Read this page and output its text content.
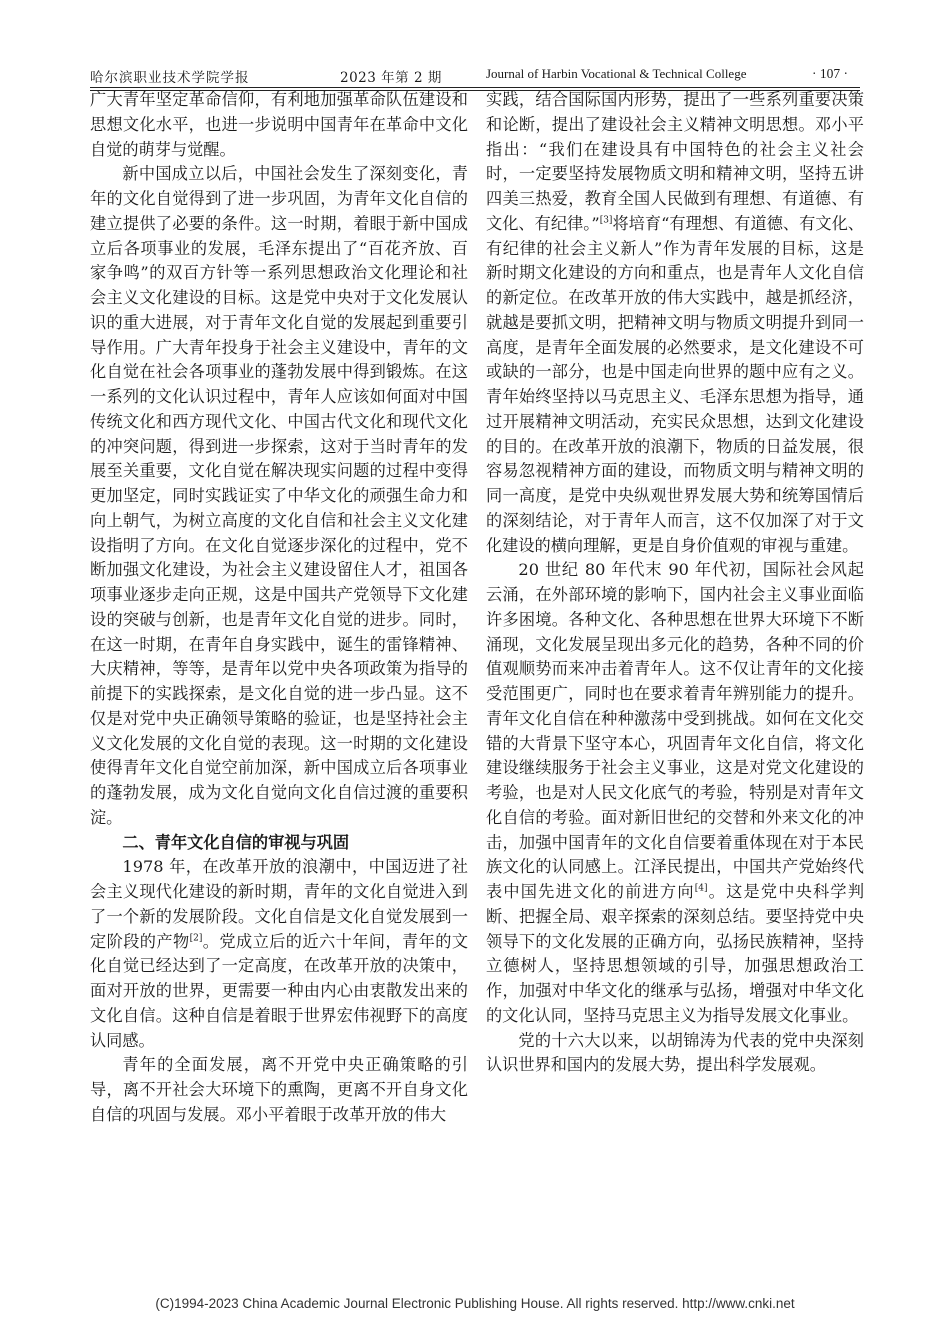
哈尔滨职业技术学院学报	2023 年第 2 期	Journal of Harbin Vocational & Technical College	· 107 ·

广大青年坚定革命信仰，有利地加强革命队伍建设和思想文化水平，也进一步说明中国青年在革命中文化自觉的萌芽与觉醒。

新中国成立以后，中国社会发生了深刻变化，青年的文化自觉得到了进一步巩固，为青年文化自信的建立提供了必要的条件。这一时期，着眼于新中国成立后各项事业的发展，毛泽东提出了“百花齐放、百家争鸣”的双百方针等一系列思想政治文化理论和社会主义文化建设的目标。这是党中央对于文化发展认识的重大进展，对于青年文化自觉的发展起到重要引导作用。广大青年投身于社会主义建设中，青年的文化自觉在社会各项事业的蓬勃发展中得到锻炼。在这一系列的文化认识过程中，青年人应该如何面对中国传统文化和西方现代文化、中国古代文化和现代文化的冲突问题，得到进一步探索，这对于当时青年的发展至关重要，文化自觉在解决现实问题的过程中变得更加坚定，同时实践证实了中华文化的顽强生命力和向上朝气，为树立高度的文化自信和社会主义文化建设指明了方向。在文化自觉逐步深化的过程中，党不断加强文化建设，为社会主义建设留住人才，祖国各项事业逐步走向正规，这是中国共产党领导下文化建设的突破与创新，也是青年文化自觉的进步。同时，在这一时期，在青年自身实践中，诞生的雷锋精神、大庆精神，等等，是青年以党中央各项政策为指导的前提下的实践探索，是文化自觉的进一步凸显。这不仅是对党中央正确领导策略的验证，也是坚持社会主义文化发展的文化自觉的表现。这一时期的文化建设使得青年文化自觉空前加深，新中国成立后各项事业的蓬勃发展，成为文化自觉向文化自信过渡的重要积淀。

二、青年文化自信的审视与巩固

1978 年，在改革开放的浪潮中，中国迈进了社会主义现代化建设的新时期，青年的文化自觉进入到了一个新的发展阶段。文化自信是文化自觉发展到一定阶段的产物[2]。党成立后的近六十年间，青年的文化自觉已经达到了一定高度，在改革开放的决策中，面对开放的世界，更需要一种由内心由衷散发出来的文化自信。这种自信是着眼于世界宏伟视野下的高度认同感。

青年的全面发展，离不开党中央正确策略的引导，离不开社会大环境下的熏陶，更离不开自身文化自信的巩固与发展。邓小平着眼于改革开放的伟大

实践，结合国际国内形势，提出了一些系列重要决策和论断，提出了建设社会主义精神文明思想。邓小平指出：“我们在建设具有中国特色的社会主义社会时，一定要坚持发展物质文明和精神文明，坚持五讲四美三热爱，教育全国人民做到有理想、有道德、有文化、有纪律。”[3]将培育“有理想、有道德、有文化、有纪律的社会主义新人”作为青年发展的目标，这是新时期文化建设的方向和重点，也是青年人文化自信的新定位。在改革开放的伟大实践中，越是抓经济，就越是要抓文明，把精神文明与物质文明提升到同一高度，是青年全面发展的必然要求，是文化建设不可或缺的一部分，也是中国走向世界的题中应有之义。青年始终坚持以马克思主义、毛泽东思想为指导，通过开展精神文明活动，充实民众思想，达到文化建设的目的。在改革开放的浪潮下，物质的日益发展，很容易忽视精神方面的建设，而物质文明与精神文明的同一高度，是党中央纵观世界发展大势和统筹国情后的深刻结论，对于青年人而言，这不仅加深了对于文化建设的横向理解，更是自身价值观的审视与重建。

20 世纪 80 年代末 90 年代初，国际社会风起云涌，在外部环境的影响下，国内社会主义事业面临许多困境。各种文化、各种思想在世界大环境下不断涌现，文化发展呈现出多元化的趋势，各种不同的价值观顺势而来冲击着青年人。这不仅让青年的文化接受范围更广，同时也在要求着青年辨别能力的提升。青年文化自信在种种激荡中受到挑战。如何在文化交错的大背景下坚守本心，巩固青年文化自信，将文化建设继续服务于社会主义事业，这是对党文化建设的考验，也是对人民文化底气的考验，特别是对青年文化自信的考验。面对新旧世纪的交替和外来文化的冲击，加强中国青年的文化自信要着重体现在对于本民族文化的认同感上。江泽民提出，中国共产党始终代表中国先进文化的前进方向[4]。这是党中央科学判断、把握全局、艰辛探索的深刻总结。要坚持党中央领导下的文化发展的正确方向，弘扬民族精神，坚持立德树人，坚持思想领域的引导，加强思想政治工作，加强对中华文化的继承与弘扬，增强对中华文化的文化认同，坚持马克思主义为指导发展文化事业。

党的十六大以来，以胡锦涛为代表的党中央深刻认识世界和国内的发展大势，提出科学发展观。

(C)1994-2023 China Academic Journal Electronic Publishing House. All rights reserved. http://www.cnki.net
